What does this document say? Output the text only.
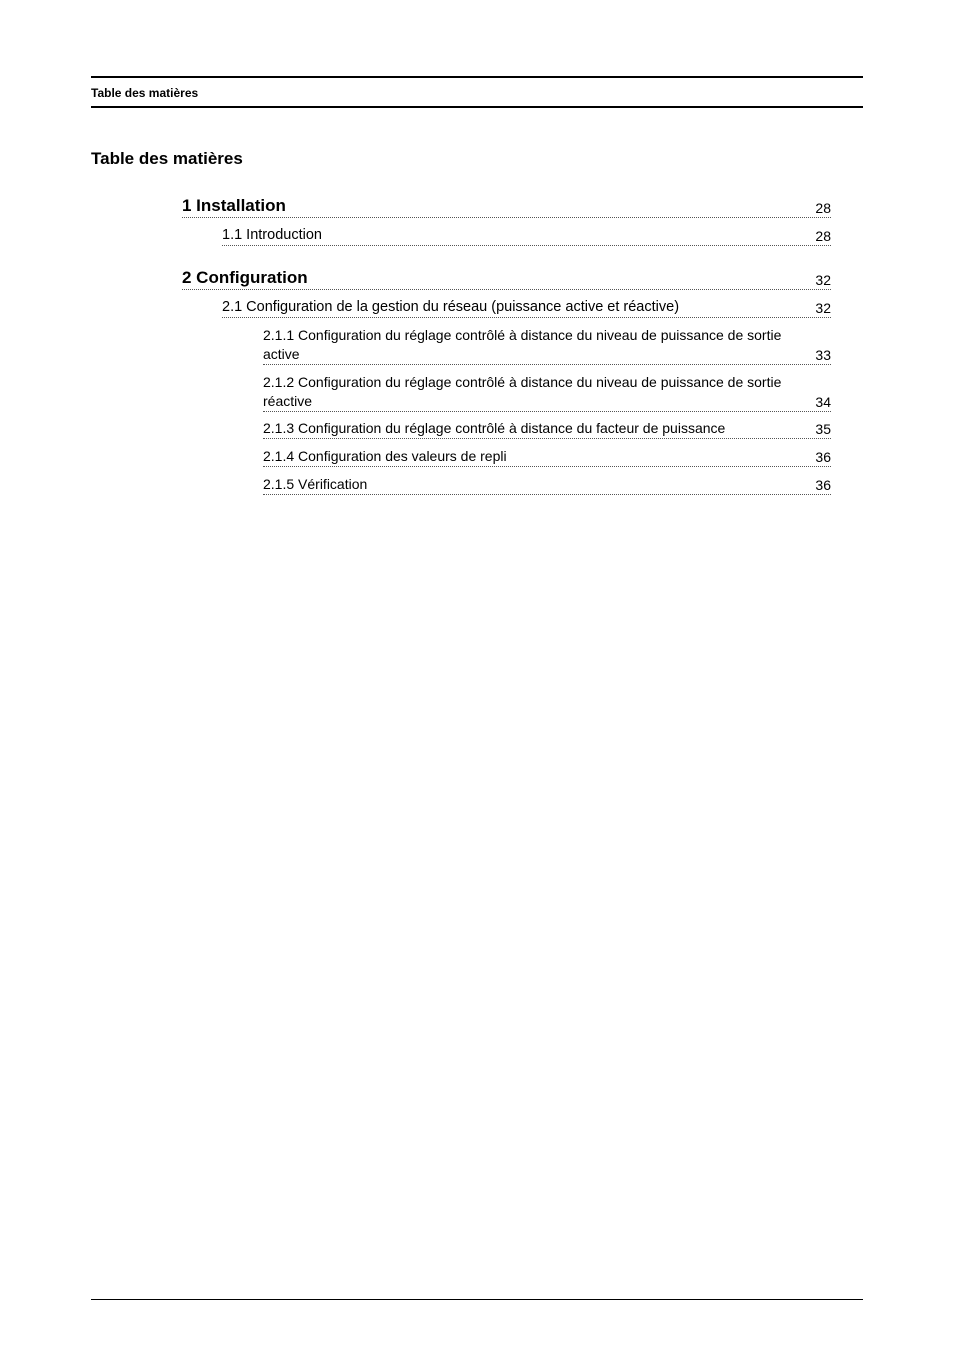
Table des matières
Table des matières
1 Installation	28
1.1 Introduction	28
2 Configuration	32
2.1 Configuration de la gestion du réseau (puissance active et réactive)	32
2.1.1 Configuration du réglage contrôlé à distance du niveau de puissance de sortie active	33
2.1.2 Configuration du réglage contrôlé à distance du niveau de puissance de sortie réactive	34
2.1.3 Configuration du réglage contrôlé à distance du facteur de puissance	35
2.1.4 Configuration des valeurs de repli	36
2.1.5 Vérification	36
